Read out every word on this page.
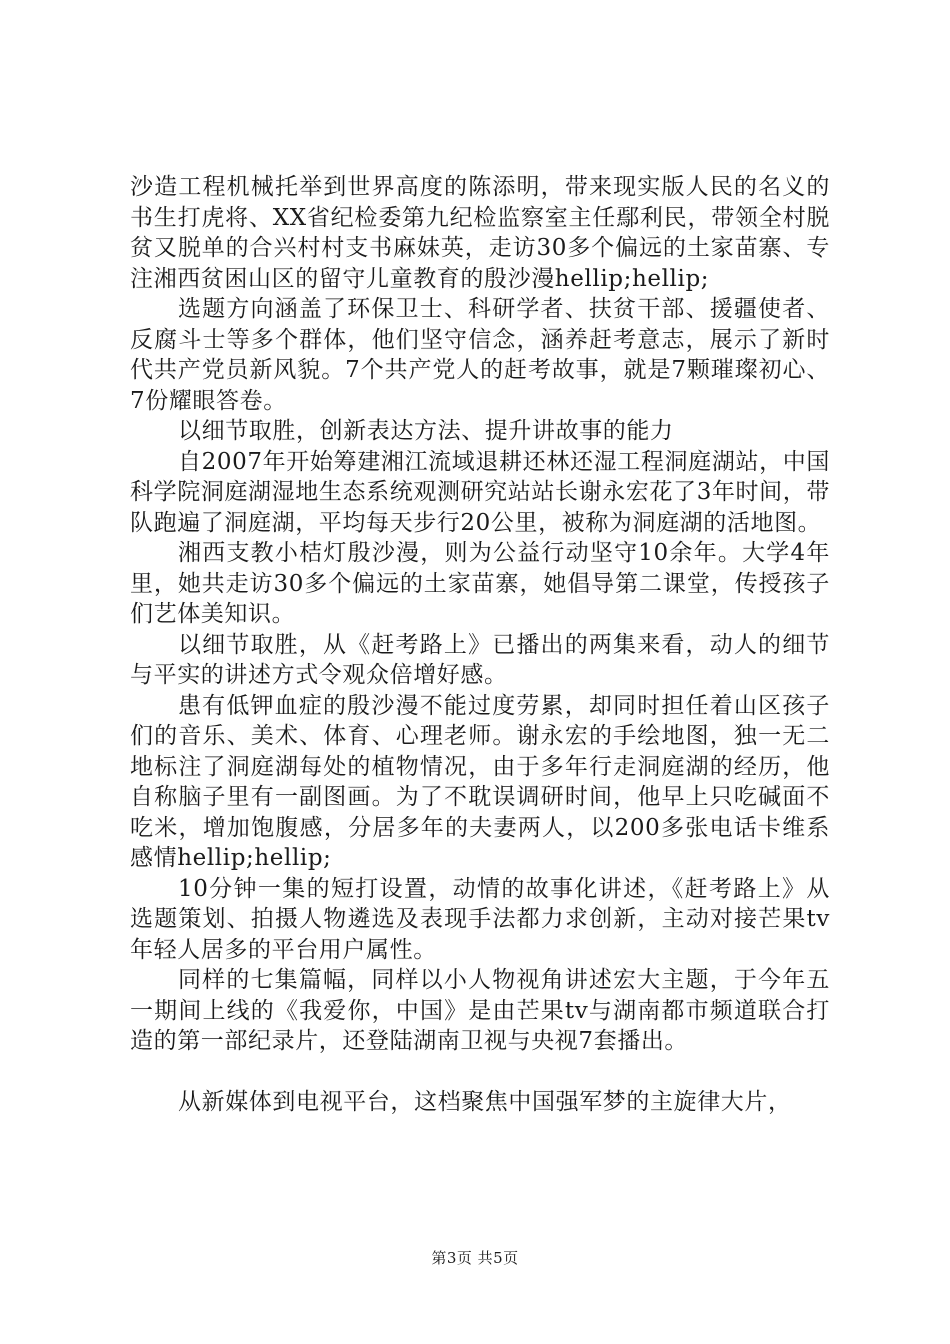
沙造工程机械托举到世界高度的陈添明，带来现实版人民的名义的书生打虎将、XX省纪检委第九纪检监察室主任鄢利民，带领全村脱贫又脱单的合兴村村支书麻妹英，走访30多个偏远的土家苗寨、专注湘西贫困山区的留守儿童教育的殷沙漫hellip;hellip;

选题方向涵盖了环保卫士、科研学者、扶贫干部、援疆使者、反腐斗士等多个群体，他们坚守信念，涵养赶考意志，展示了新时代共产党员新风貌。7个共产党人的赶考故事，就是7颗璀璨初心、7份耀眼答卷。

以细节取胜，创新表达方法、提升讲故事的能力

自2007年开始筹建湘江流域退耕还林还湿工程洞庭湖站，中国科学院洞庭湖湿地生态系统观测研究站站长谢永宏花了3年时间，带队跑遍了洞庭湖，平均每天步行20公里，被称为洞庭湖的活地图。

湘西支教小桔灯殷沙漫，则为公益行动坚守10余年。大学4年里，她共走访30多个偏远的土家苗寨，她倡导第二课堂，传授孩子们艺体美知识。

以细节取胜，从《赶考路上》已播出的两集来看，动人的细节与平实的讲述方式令观众倍增好感。

患有低钾血症的殷沙漫不能过度劳累，却同时担任着山区孩子们的音乐、美术、体育、心理老师。谢永宏的手绘地图，独一无二地标注了洞庭湖每处的植物情况，由于多年行走洞庭湖的经历，他自称脑子里有一副图画。为了不耽误调研时间，他早上只吃碱面不吃米，增加饱腹感，分居多年的夫妻两人，以200多张电话卡维系感情hellip;hellip;

10分钟一集的短打设置，动情的故事化讲述，《赶考路上》从选题策划、拍摄人物遴选及表现手法都力求创新，主动对接芒果tv年轻人居多的平台用户属性。

同样的七集篇幅，同样以小人物视角讲述宏大主题，于今年五一期间上线的《我爱你，中国》是由芒果tv与湖南都市频道联合打造的第一部纪录片，还登陆湖南卫视与央视7套播出。

从新媒体到电视平台，这档聚焦中国强军梦的主旋律大片，

第3页 共5页
